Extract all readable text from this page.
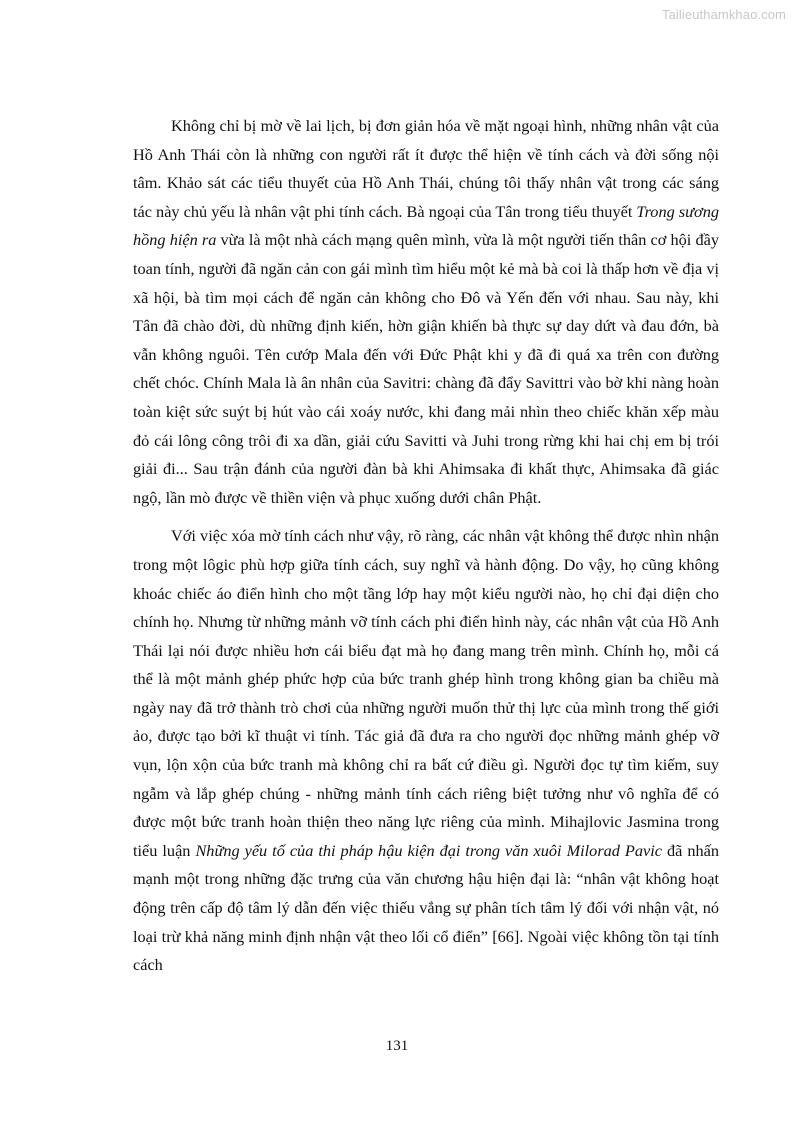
Tailieuthamkhao.com

Không chỉ bị mờ về lai lịch, bị đơn giản hóa về mặt ngoại hình, những nhân vật của Hồ Anh Thái còn là những con người rất ít được thể hiện về tính cách và đời sống nội tâm. Khảo sát các tiểu thuyết của Hồ Anh Thái, chúng tôi thấy nhân vật trong các sáng tác này chủ yếu là nhân vật phi tính cách. Bà ngoại của Tân trong tiểu thuyết Trong sương hồng hiện ra vừa là một nhà cách mạng quên mình, vừa là một người tiến thân cơ hội đầy toan tính, người đã ngăn cản con gái mình tìm hiểu một kẻ mà bà coi là thấp hơn về địa vị xã hội, bà tìm mọi cách để ngăn cản không cho Đô và Yến đến với nhau. Sau này, khi Tân đã chào đời, dù những định kiến, hờn giận khiến bà thực sự day dứt và đau đớn, bà vẫn không nguôi. Tên cướp Mala đến với Đức Phật khi y đã đi quá xa trên con đường chết chóc. Chính Mala là ân nhân của Savitri: chàng đã đẩy Savittri vào bờ khi nàng hoàn toàn kiệt sức suýt bị hút vào cái xoáy nước, khi đang mải nhìn theo chiếc khăn xếp màu đỏ cái lông công trôi đi xa dần, giải cứu Savitti và Juhi trong rừng khi hai chị em bị trói giải đi... Sau trận đánh của người đàn bà khi Ahimsaka đi khất thực, Ahimsaka đã giác ngộ, lần mò được về thiền viện và phục xuống dưới chân Phật.

Với việc xóa mờ tính cách như vậy, rõ ràng, các nhân vật không thể được nhìn nhận trong một lôgic phù hợp giữa tính cách, suy nghĩ và hành động. Do vậy, họ cũng không khoác chiếc áo điển hình cho một tầng lớp hay một kiểu người nào, họ chỉ đại diện cho chính họ. Nhưng từ những mảnh vỡ tính cách phi điển hình này, các nhân vật của Hồ Anh Thái lại nói được nhiều hơn cái biểu đạt mà họ đang mang trên mình. Chính họ, mỗi cá thể là một mảnh ghép phức hợp của bức tranh ghép hình trong không gian ba chiều mà ngày nay đã trở thành trò chơi của những người muốn thử thị lực của mình trong thế giới ảo, được tạo bởi kĩ thuật vi tính. Tác giả đã đưa ra cho người đọc những mảnh ghép vỡ vụn, lộn xộn của bức tranh mà không chỉ ra bất cứ điều gì. Người đọc tự tìm kiếm, suy ngẫm và lắp ghép chúng - những mảnh tính cách riêng biệt tưởng như vô nghĩa để có được một bức tranh hoàn thiện theo năng lực riêng của mình. Mihajlovic Jasmina trong tiểu luận Những yếu tố của thi pháp hậu kiện đại trong văn xuôi Milorad Pavic đã nhấn mạnh một trong những đặc trưng của văn chương hậu hiện đại là: “nhân vật không hoạt động trên cấp độ tâm lý dẫn đến việc thiếu vắng sự phân tích tâm lý đối với nhận vật, nó loại trừ khả năng minh định nhận vật theo lối cổ điển” [66]. Ngoài việc không tồn tại tính cách

131
